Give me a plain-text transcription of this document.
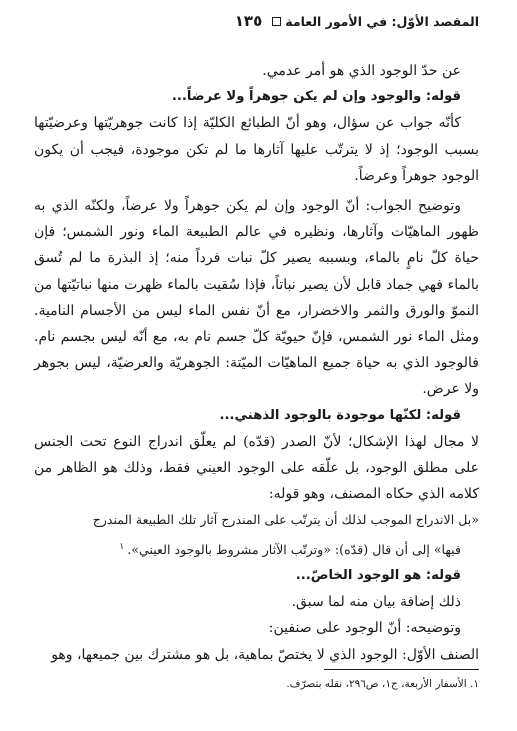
المقصد الأوّل: في الأمور العامة
١٣٥

عن حدّ الوجود الذي هو أمر عدمي.

قوله: والوجود وإن لم يكن جوهراً ولا عرضاً...

كأنّه جواب عن سؤال، وهو أنّ الطبائع الكليّة إذا كانت جوهريّتها وعرضيّتها بسبب الوجود؛ إذ لا يترتّب عليها آثارها ما لم تكن موجودة، فيجب أن يكون الوجود جوهراً وعرضاً.

وتوضيح الجواب: أنّ الوجود وإن لم يكن جوهراً ولا عرضاً، ولكنّه الذي به ظهور الماهيّات وآثارها، ونظيره في عالم الطبيعة الماء ونور الشمس؛ فإن حياة كلّ نامٍ بالماء، وبسببه يصير كلّ نبات فرداً منه؛ إذ البذرة ما لم تُسق بالماء فهي جماد قابل لأن يصير نباتاً، فإذا سُقيت بالماء ظهرت منها نباتيّتها من النموّ والورق والثمر والاخضرار، مع أنّ نفس الماء ليس من الأجسام النامية. ومثل الماء نور الشمس، فإنّ حيويّة كلّ جسم نام به، مع أنّه ليس بجسم نام. فالوجود الذي به حياة جميع الماهيّات الميّتة: الجوهريّة والعرضيّة، ليس بجوهر ولا عرض.

قوله: لكنّها موجودة بالوجود الذهني...

لا مجال لهذا الإشكال؛ لأنّ الصدر (قدّه) لم يعلّق اندراج النوع تحت الجنس على مطلق الوجود، بل علّقه على الوجود العيني فقط، وذلك هو الظاهر من كلامه الذي حكاه المصنف، وهو قوله:

«بل الاندراج الموجب لذلك أن يترتّب على المندرج آثار تلك الطبيعة المندرج

فيها» إلى أن قال (قدّه): «وترتّب الآثار مشروط بالوجود العيني».$^١$

قوله: هو الوجود الخاصّ...

ذلك إضافة بيان منه لما سبق.

وتوضيحه: أنّ الوجود على صنفين:

الصنف الأوّل: الوجود الذي لا يختصّ بماهية، بل هو مشترك بين جميعها، وهو

١. الأسفار الأربعة، ج١، ص٢٩٦، نقله بتصرّف.
